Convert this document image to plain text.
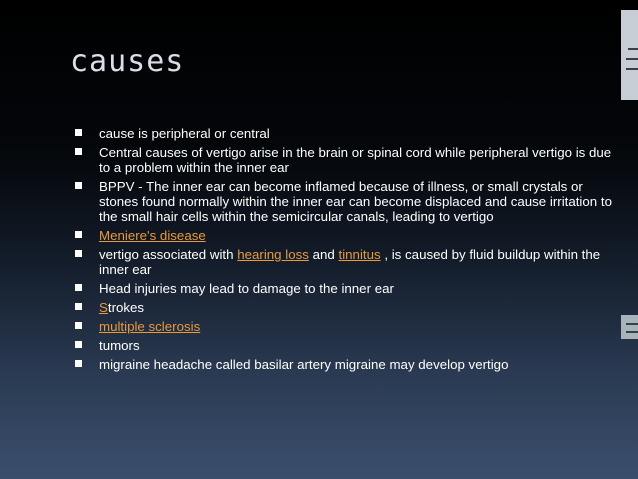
causes
cause is peripheral or central
Central causes of vertigo arise in the brain or spinal cord while peripheral vertigo is due to a problem within the inner ear
BPPV - The inner ear can become inflamed because of illness, or small crystals or stones found normally within the inner ear can become displaced and cause irritation to the small hair cells within the semicircular canals, leading to vertigo
Meniere's disease
vertigo associated with hearing loss and tinnitus , is caused by fluid buildup within the inner ear
Head injuries may lead to damage to the inner ear
Strokes
multiple sclerosis
tumors
migraine headache called basilar artery migraine may develop vertigo
